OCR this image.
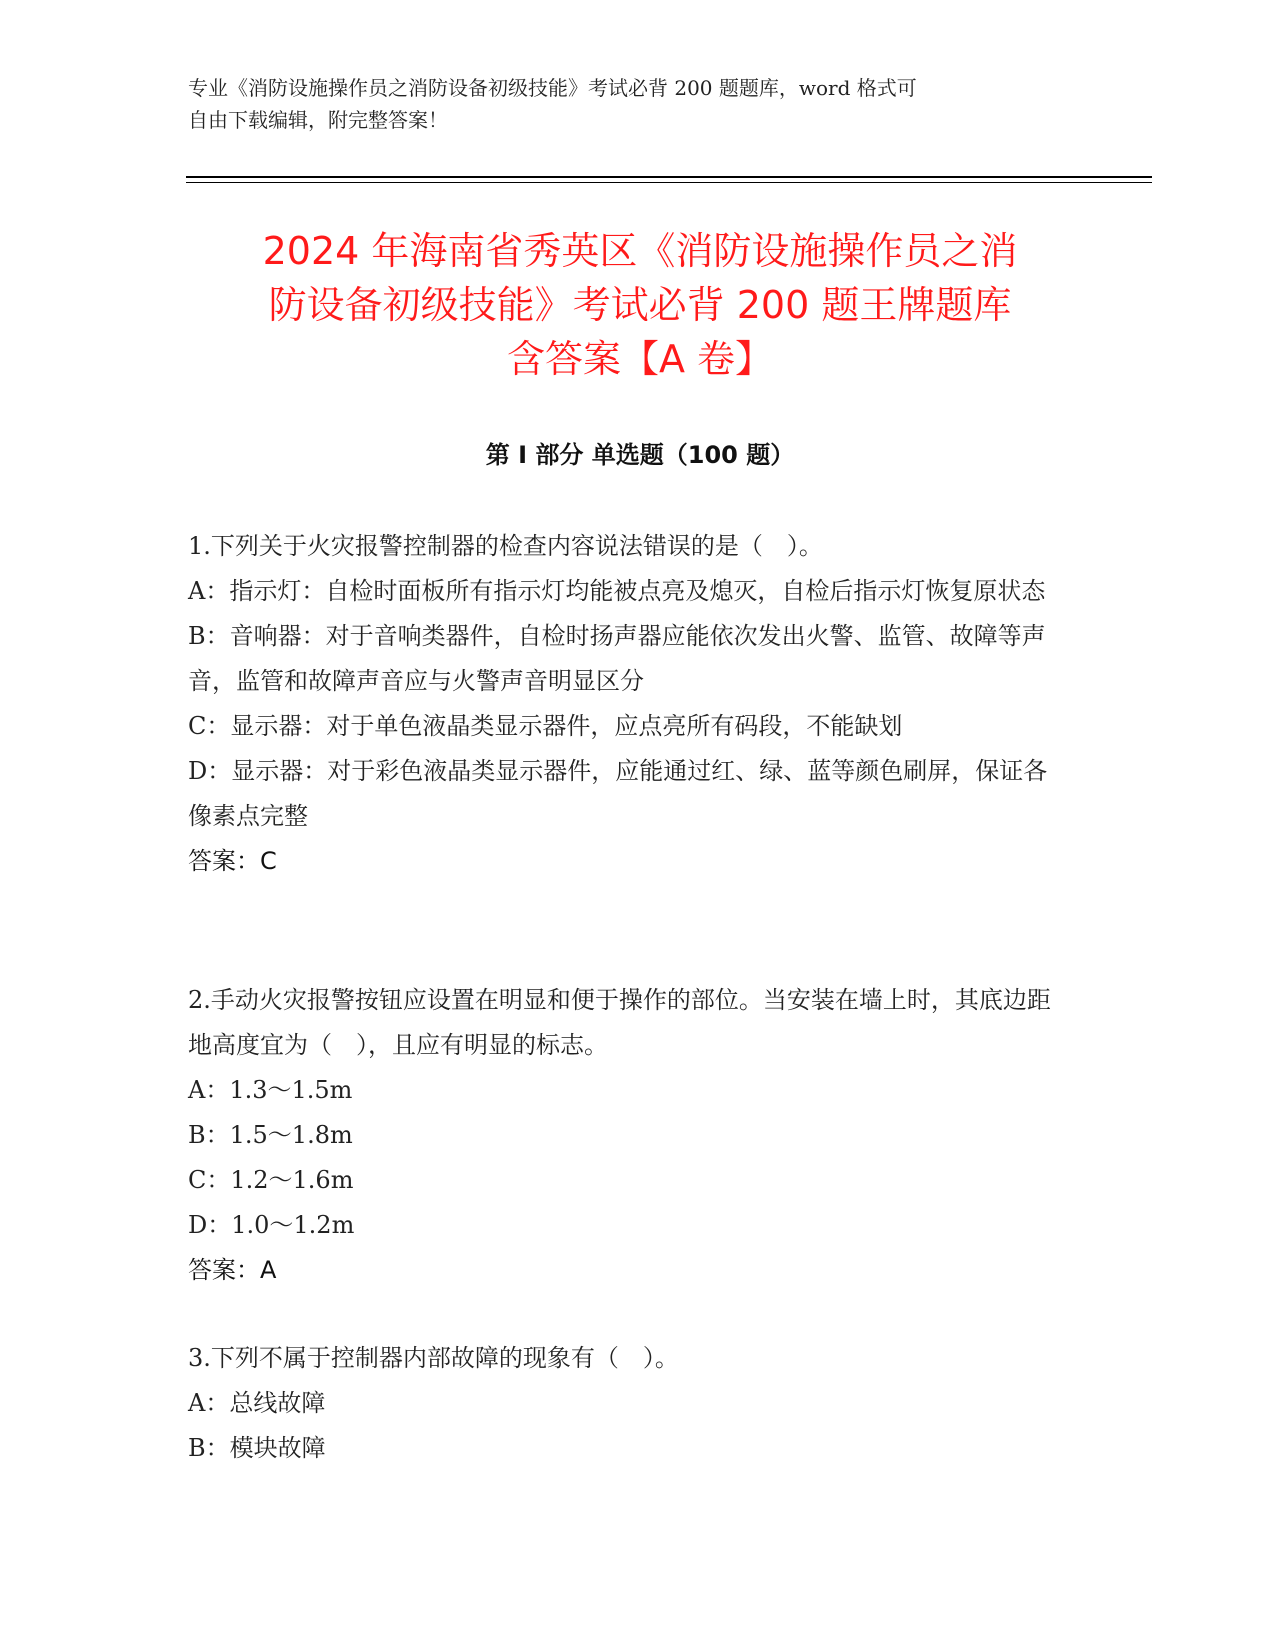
专业《消防设施操作员之消防设备初级技能》考试必背 200 题题库，word 格式可
自由下载编辑，附完整答案！
2024 年海南省秀英区《消防设施操作员之消
防设备初级技能》考试必背 200 题王牌题库
含答案【A 卷】
第 I 部分 单选题（100 题）

1.下列关于火灾报警控制器的检查内容说法错误的是（　）。

A：指示灯：自检时面板所有指示灯均能被点亮及熄灭，自检后指示灯恢复原状态

B：音响器：对于音响类器件，自检时扬声器应能依次发出火警、监管、故障等声音，监管和故障声音应与火警声音明显区分

C：显示器：对于单色液晶类显示器件，应点亮所有码段，不能缺划

D：显示器：对于彩色液晶类显示器件，应能通过红、绿、蓝等颜色刷屏，保证各像素点完整

答案：C

2.手动火灾报警按钮应设置在明显和便于操作的部位。当安装在墙上时，其底边距地高度宜为（　），且应有明显的标志。

A：1.3～1.5m

B：1.5～1.8m

C：1.2～1.6m

D：1.0～1.2m

答案：A

3.下列不属于控制器内部故障的现象有（　）。

A：总线故障

B：模块故障
